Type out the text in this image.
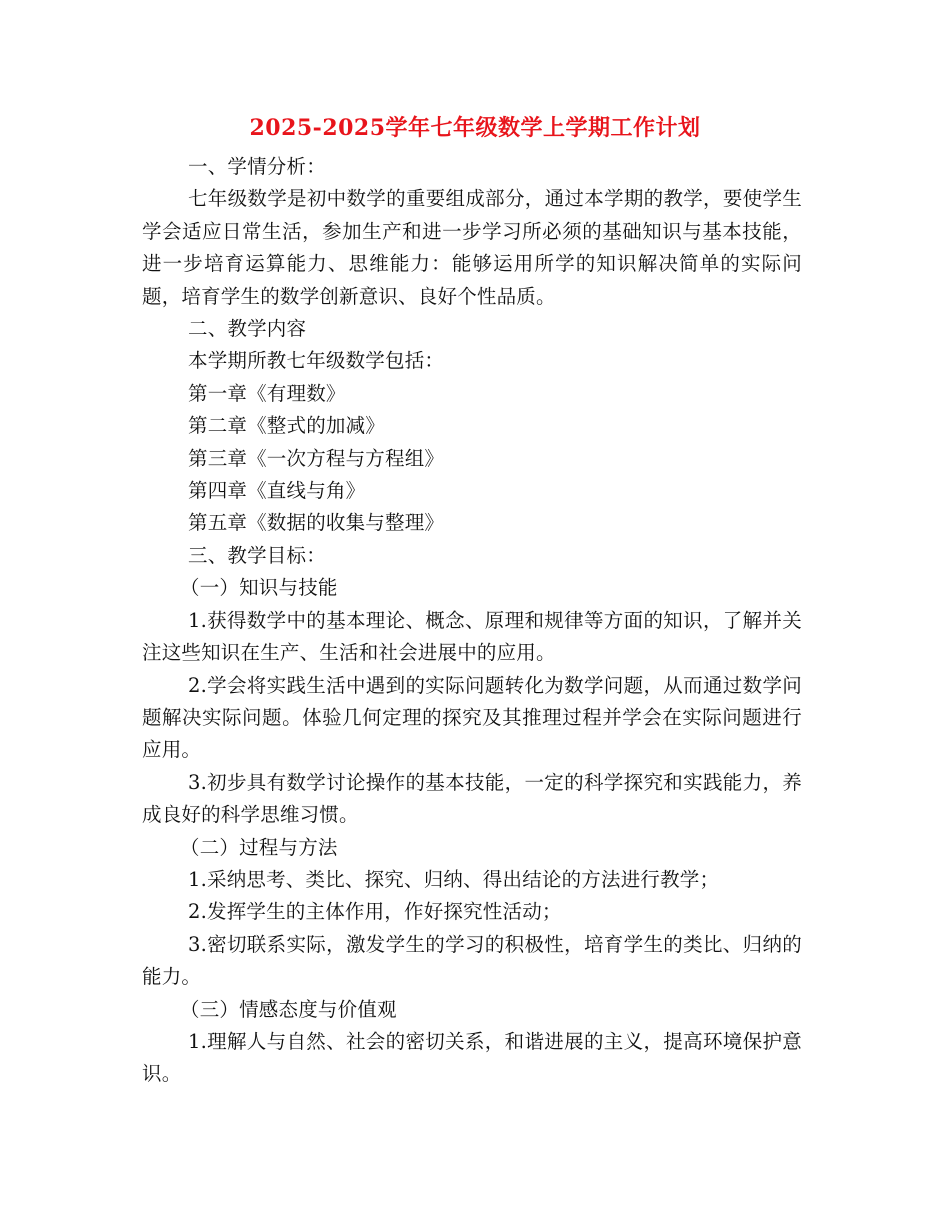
2025-2025学年七年级数学上学期工作计划

一、学情分析：

七年级数学是初中数学的重要组成部分，通过本学期的教学，要使学生学会适应日常生活，参加生产和进一步学习所必须的基础知识与基本技能，进一步培育运算能力、思维能力：能够运用所学的知识解决简单的实际问题，培育学生的数学创新意识、良好个性品质。

二、教学内容

本学期所教七年级数学包括：

第一章《有理数》

第二章《整式的加减》

第三章《一次方程与方程组》

第四章《直线与角》

第五章《数据的收集与整理》

三、教学目标：

（一）知识与技能

1.获得数学中的基本理论、概念、原理和规律等方面的知识，了解并关注这些知识在生产、生活和社会进展中的应用。

2.学会将实践生活中遇到的实际问题转化为数学问题，从而通过数学问题解决实际问题。体验几何定理的探究及其推理过程并学会在实际问题进行应用。

3.初步具有数学讨论操作的基本技能，一定的科学探究和实践能力，养成良好的科学思维习惯。

（二）过程与方法

1.采纳思考、类比、探究、归纳、得出结论的方法进行教学；

2.发挥学生的主体作用，作好探究性活动；

3.密切联系实际，激发学生的学习的积极性，培育学生的类比、归纳的能力。

（三）情感态度与价值观

1.理解人与自然、社会的密切关系，和谐进展的主义，提高环境保护意识。
